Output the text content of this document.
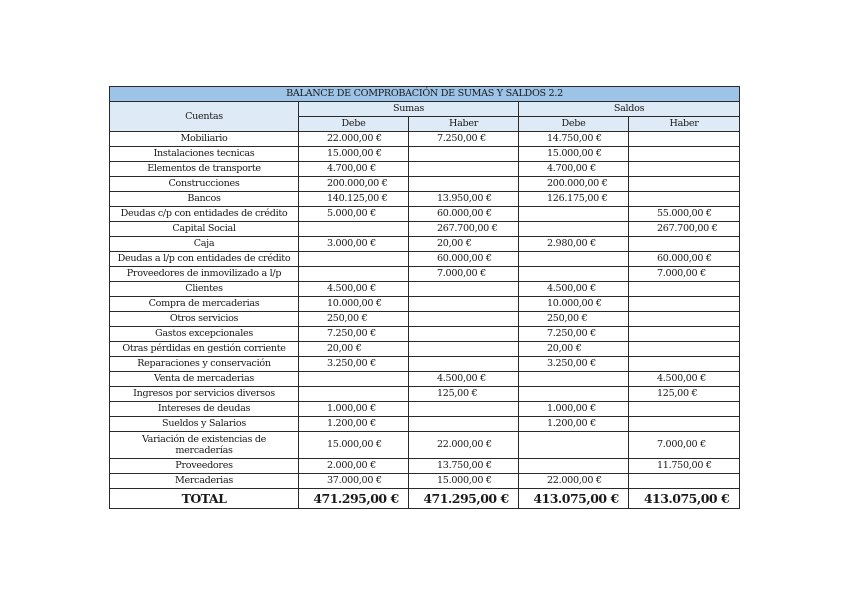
BALANCE DE COMPROBACIÓN DE SUMAS Y SALDOS 2.2				
Cuentas	Sumas		Saldos	
	Debe	Haber	Debe	Haber
Mobiliario	22.000,00 €	7.250,00 €	14.750,00 €	
Instalaciones tecnicas	15.000,00 €		15.000,00 €	
Elementos de transporte	4.700,00 €		4.700,00 €	
Construcciones	200.000,00 €		200.000,00 €	
Bancos	140.125,00 €	13.950,00 €	126.175,00 €	
Deudas c/p con entidades de crédito	5.000,00 €	60.000,00 €		55.000,00 €
Capital Social		267.700,00 €		267.700,00 €
Caja	3.000,00 €	20,00 €	2.980,00 €	
Deudas a l/p con entidades de crédito		60.000,00 €		60.000,00 €
Proveedores de inmovilizado a l/p		7.000,00 €		7.000,00 €
Clientes	4.500,00 €		4.500,00 €	
Compra de mercaderias	10.000,00 €		10.000,00 €	
Otros servicios	250,00 €		250,00 €	
Gastos excepcionales	7.250,00 €		7.250,00 €	
Otras pérdidas en gestión corriente	20,00 €		20,00 €	
Reparaciones y conservación	3.250,00 €		3.250,00 €	
Venta de mercaderias		4.500,00 €		4.500,00 €
Ingresos por servicios diversos		125,00 €		125,00 €
Intereses de deudas	1.000,00 €		1.000,00 €	
Sueldos y Salarios	1.200,00 €		1.200,00 €	
Variación de existencias de mercaderías	15.000,00 €	22.000,00 €		7.000,00 €
Proveedores	2.000,00 €	13.750,00 €		11.750,00 €
Mercaderias	37.000,00 €	15.000,00 €	22.000,00 €	
TOTAL	471.295,00 €	471.295,00 €	413.075,00 €	413.075,00 €
